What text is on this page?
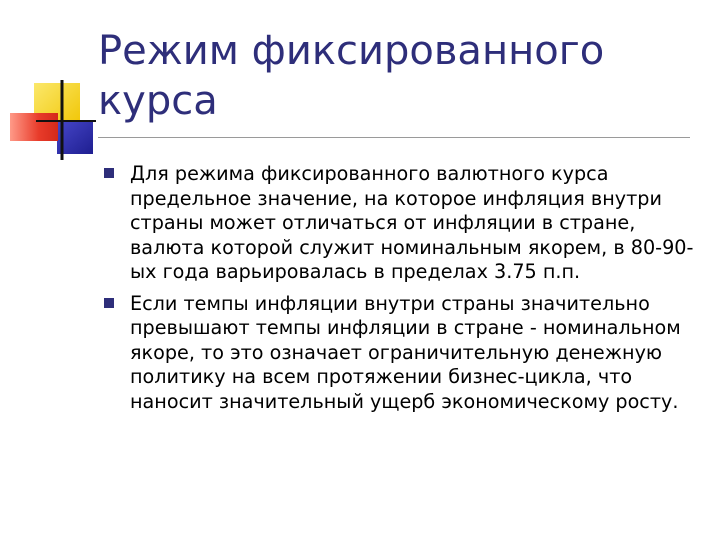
Режим фиксированного курса
Для режима фиксированного валютного курса предельное значение, на которое инфляция внутри страны может отличаться от инфляции в стране, валюта которой служит номинальным якорем, в 80-90-ых года варьировалась в пределах 3.75 п.п.
Если темпы инфляции внутри страны значительно превышают темпы инфляции в стране - номинальном якоре, то это означает ограничительную денежную политику на всем протяжении бизнес-цикла, что наносит значительный ущерб экономическому росту.
